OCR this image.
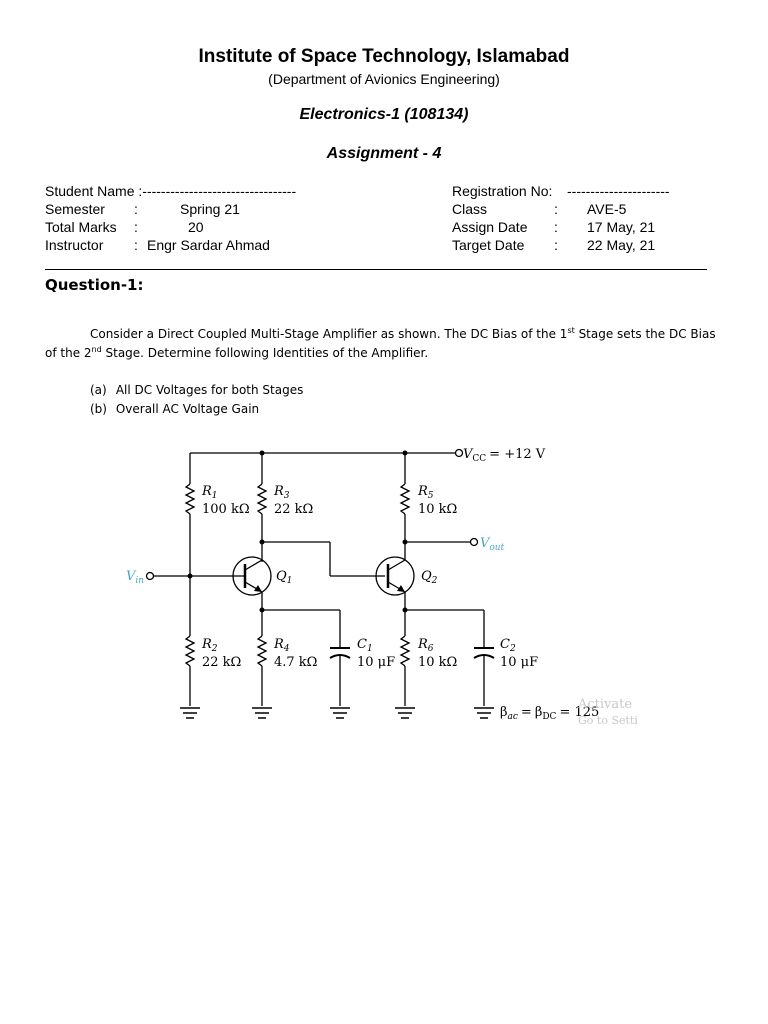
Institute of Space Technology, Islamabad
(Department of Avionics Engineering)
Electronics-1 (108134)
Assignment - 4
Student Name :---------------------------------
Semester :	Spring 21
Total Marks :	20
Instructor : Engr Sardar Ahmad
Registration No: ----------------------
Class	: AVE-5
Assign Date : 17 May, 21
Target Date : 22 May, 21
Question-1:
Consider a Direct Coupled Multi-Stage Amplifier as shown. The DC Bias of the 1st Stage sets the DC Bias of the 2nd Stage. Determine following Identities of the Amplifier.
(a) All DC Voltages for both Stages
(b) Overall AC Voltage Gain
$V_{CC} = +12$ V
$R_1$
100 kΩ
$R_3$
22 kΩ
$R_5$
10 kΩ
$V_{out}$
$V_{in}$	$Q_1$	$Q_2$
$R_2$
22 kΩ
$R_4$
4.7 kΩ
$C_1$
10 μF
$R_6$
10 kΩ
$C_2$
10 μF
$\beta_{ac} = \beta_{DC} = 125$
Activate
Go to Setti
